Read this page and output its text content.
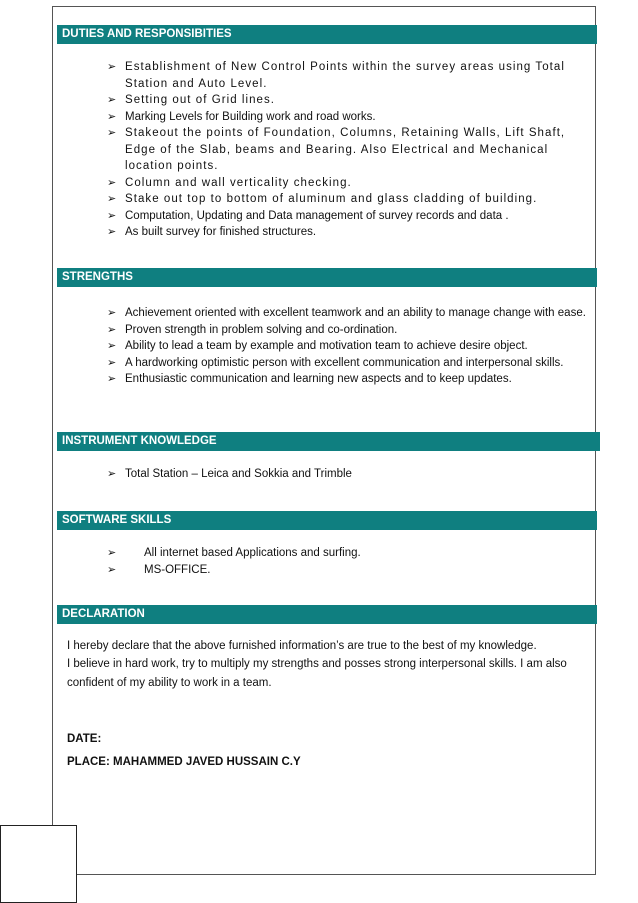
DUTIES AND RESPONSIBITIES
➢ Establishment of New Control Points within the survey areas using Total Station and Auto Level.
➢ Setting out of Grid lines.
➢ Marking Levels for Building work and road works.
➢ Stakeout the points of Foundation, Columns, Retaining Walls, Lift Shaft, Edge of the Slab, beams and Bearing. Also Electrical and Mechanical location points.
➢ Column and wall verticality checking.
➢ Stake out top to bottom of aluminum and glass cladding of building.
➢ Computation, Updating and Data management of survey records and data .
➢ As built survey for finished structures.
STRENGTHS
➢ Achievement oriented with excellent teamwork and an ability to manage change with ease.
➢ Proven strength in problem solving and co-ordination.
➢ Ability to lead a team by example and motivation team to achieve desire object.
➢ A hardworking optimistic person with excellent communication and interpersonal skills.
➢ Enthusiastic communication and learning new aspects and to keep updates.
INSTRUMENT KNOWLEDGE
➢ Total Station – Leica and Sokkia and Trimble
SOFTWARE SKILLS
➢ All internet based Applications and surfing.
➢ MS-OFFICE.
DECLARATION
I hereby declare that the above furnished information’s are true to the best of my knowledge.
I believe in hard work, try to multiply my strengths and posses strong interpersonal skills. I am also confident of my ability to work in a team.
DATE:
PLACE: MAHAMMED JAVED HUSSAIN C.Y
